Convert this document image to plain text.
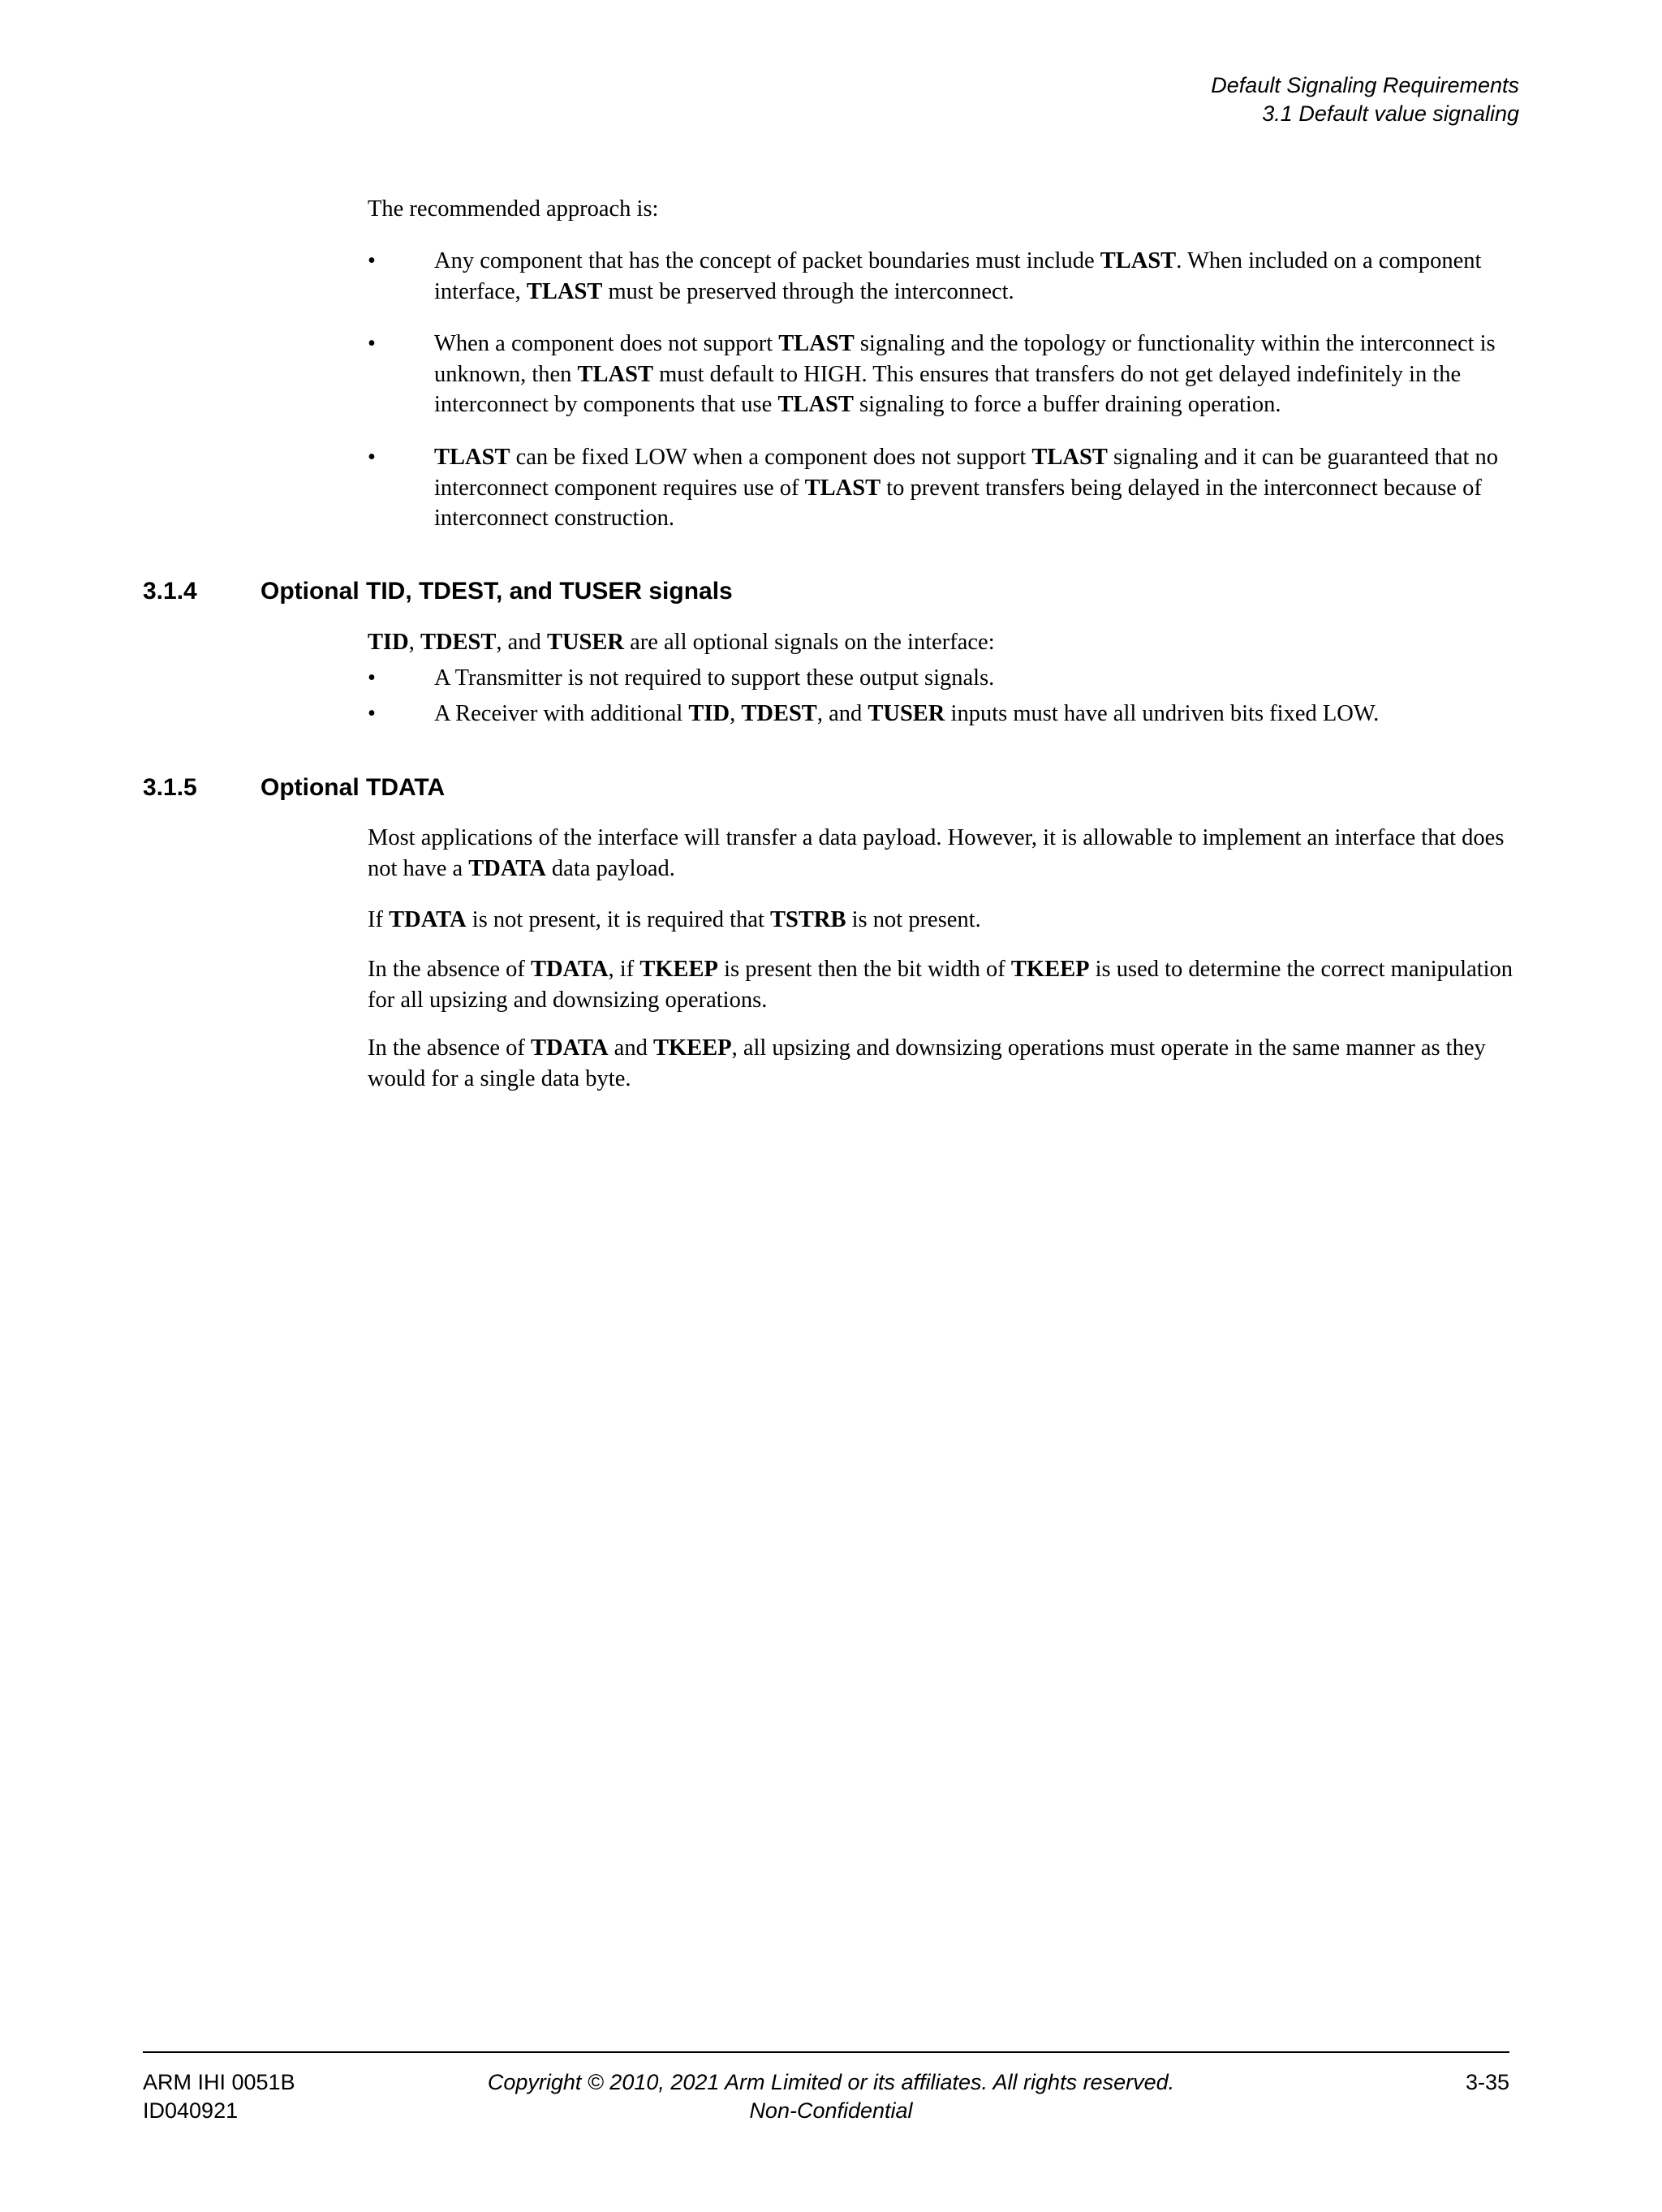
Default Signaling Requirements
3.1 Default value signaling
The recommended approach is:
•	Any component that has the concept of packet boundaries must include TLAST. When included on a component interface, TLAST must be preserved through the interconnect.
•	When a component does not support TLAST signaling and the topology or functionality within the interconnect is unknown, then TLAST must default to HIGH. This ensures that transfers do not get delayed indefinitely in the interconnect by components that use TLAST signaling to force a buffer draining operation.
•	TLAST can be fixed LOW when a component does not support TLAST signaling and it can be guaranteed that no interconnect component requires use of TLAST to prevent transfers being delayed in the interconnect because of interconnect construction.
3.1.4	Optional TID, TDEST, and TUSER signals
TID, TDEST, and TUSER are all optional signals on the interface:
•	A Transmitter is not required to support these output signals.
•	A Receiver with additional TID, TDEST, and TUSER inputs must have all undriven bits fixed LOW.
3.1.5	Optional TDATA
Most applications of the interface will transfer a data payload. However, it is allowable to implement an interface that does not have a TDATA data payload.
If TDATA is not present, it is required that TSTRB is not present.
In the absence of TDATA, if TKEEP is present then the bit width of TKEEP is used to determine the correct manipulation for all upsizing and downsizing operations.
In the absence of TDATA and TKEEP, all upsizing and downsizing operations must operate in the same manner as they would for a single data byte.
ARM IHI 0051B
ID040921
Copyright © 2010, 2021 Arm Limited or its affiliates. All rights reserved.
Non-Confidential
3-35
